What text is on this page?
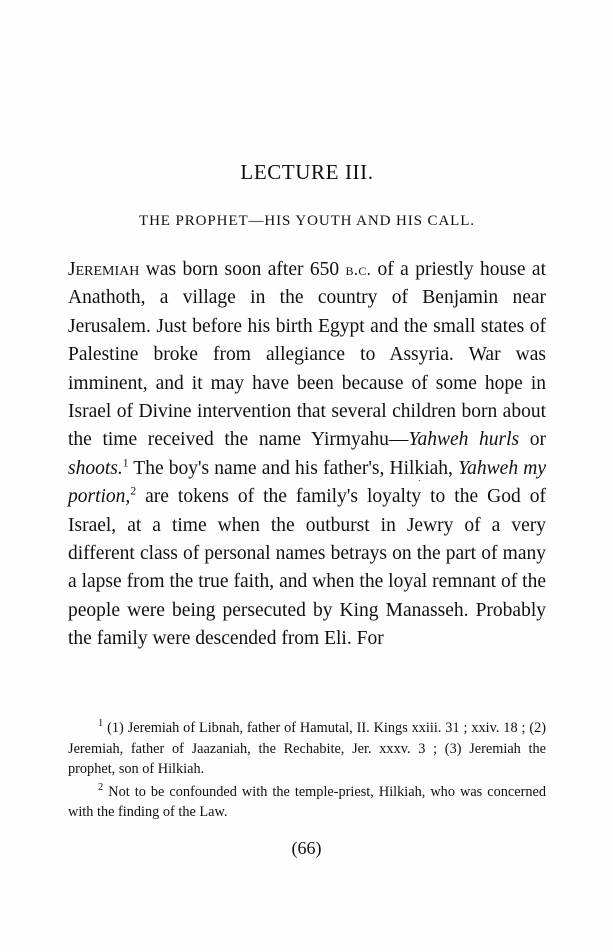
LECTURE III.
THE PROPHET—HIS YOUTH AND HIS CALL.

Jeremiah was born soon after 650 b.c. of a priestly house at Anathoth, a village in the country of Benjamin near Jerusalem. Just before his birth Egypt and the small states of Palestine broke from allegiance to Assyria. War was imminent, and it may have been because of some hope in Israel of Divine intervention that several children born about the time received the name Yirmyahu—Yahweh hurls or shoots.$^1$ The boy's name and his father's, Hilkiah, Yahweh my portion,$^2$ are tokens of the family's loyalty to the God of Israel, at a time when the outburst in Jewry of a very different class of personal names betrays on the part of many a lapse from the true faith, and when the loyal remnant of the people were being persecuted by King Manasseh. Probably the family were descended from Eli. For

$^1$ (1) Jeremiah of Libnah, father of Hamutal, II. Kings xxiii. 31 ; xxiv. 18 ; (2) Jeremiah, father of Jaazaniah, the Rechabite, Jer. xxxv. 3 ; (3) Jeremiah the prophet, son of Hilkiah.

$^2$ Not to be confounded with the temple-priest, Hilkiah, who was concerned with the finding of the Law.

(66)
